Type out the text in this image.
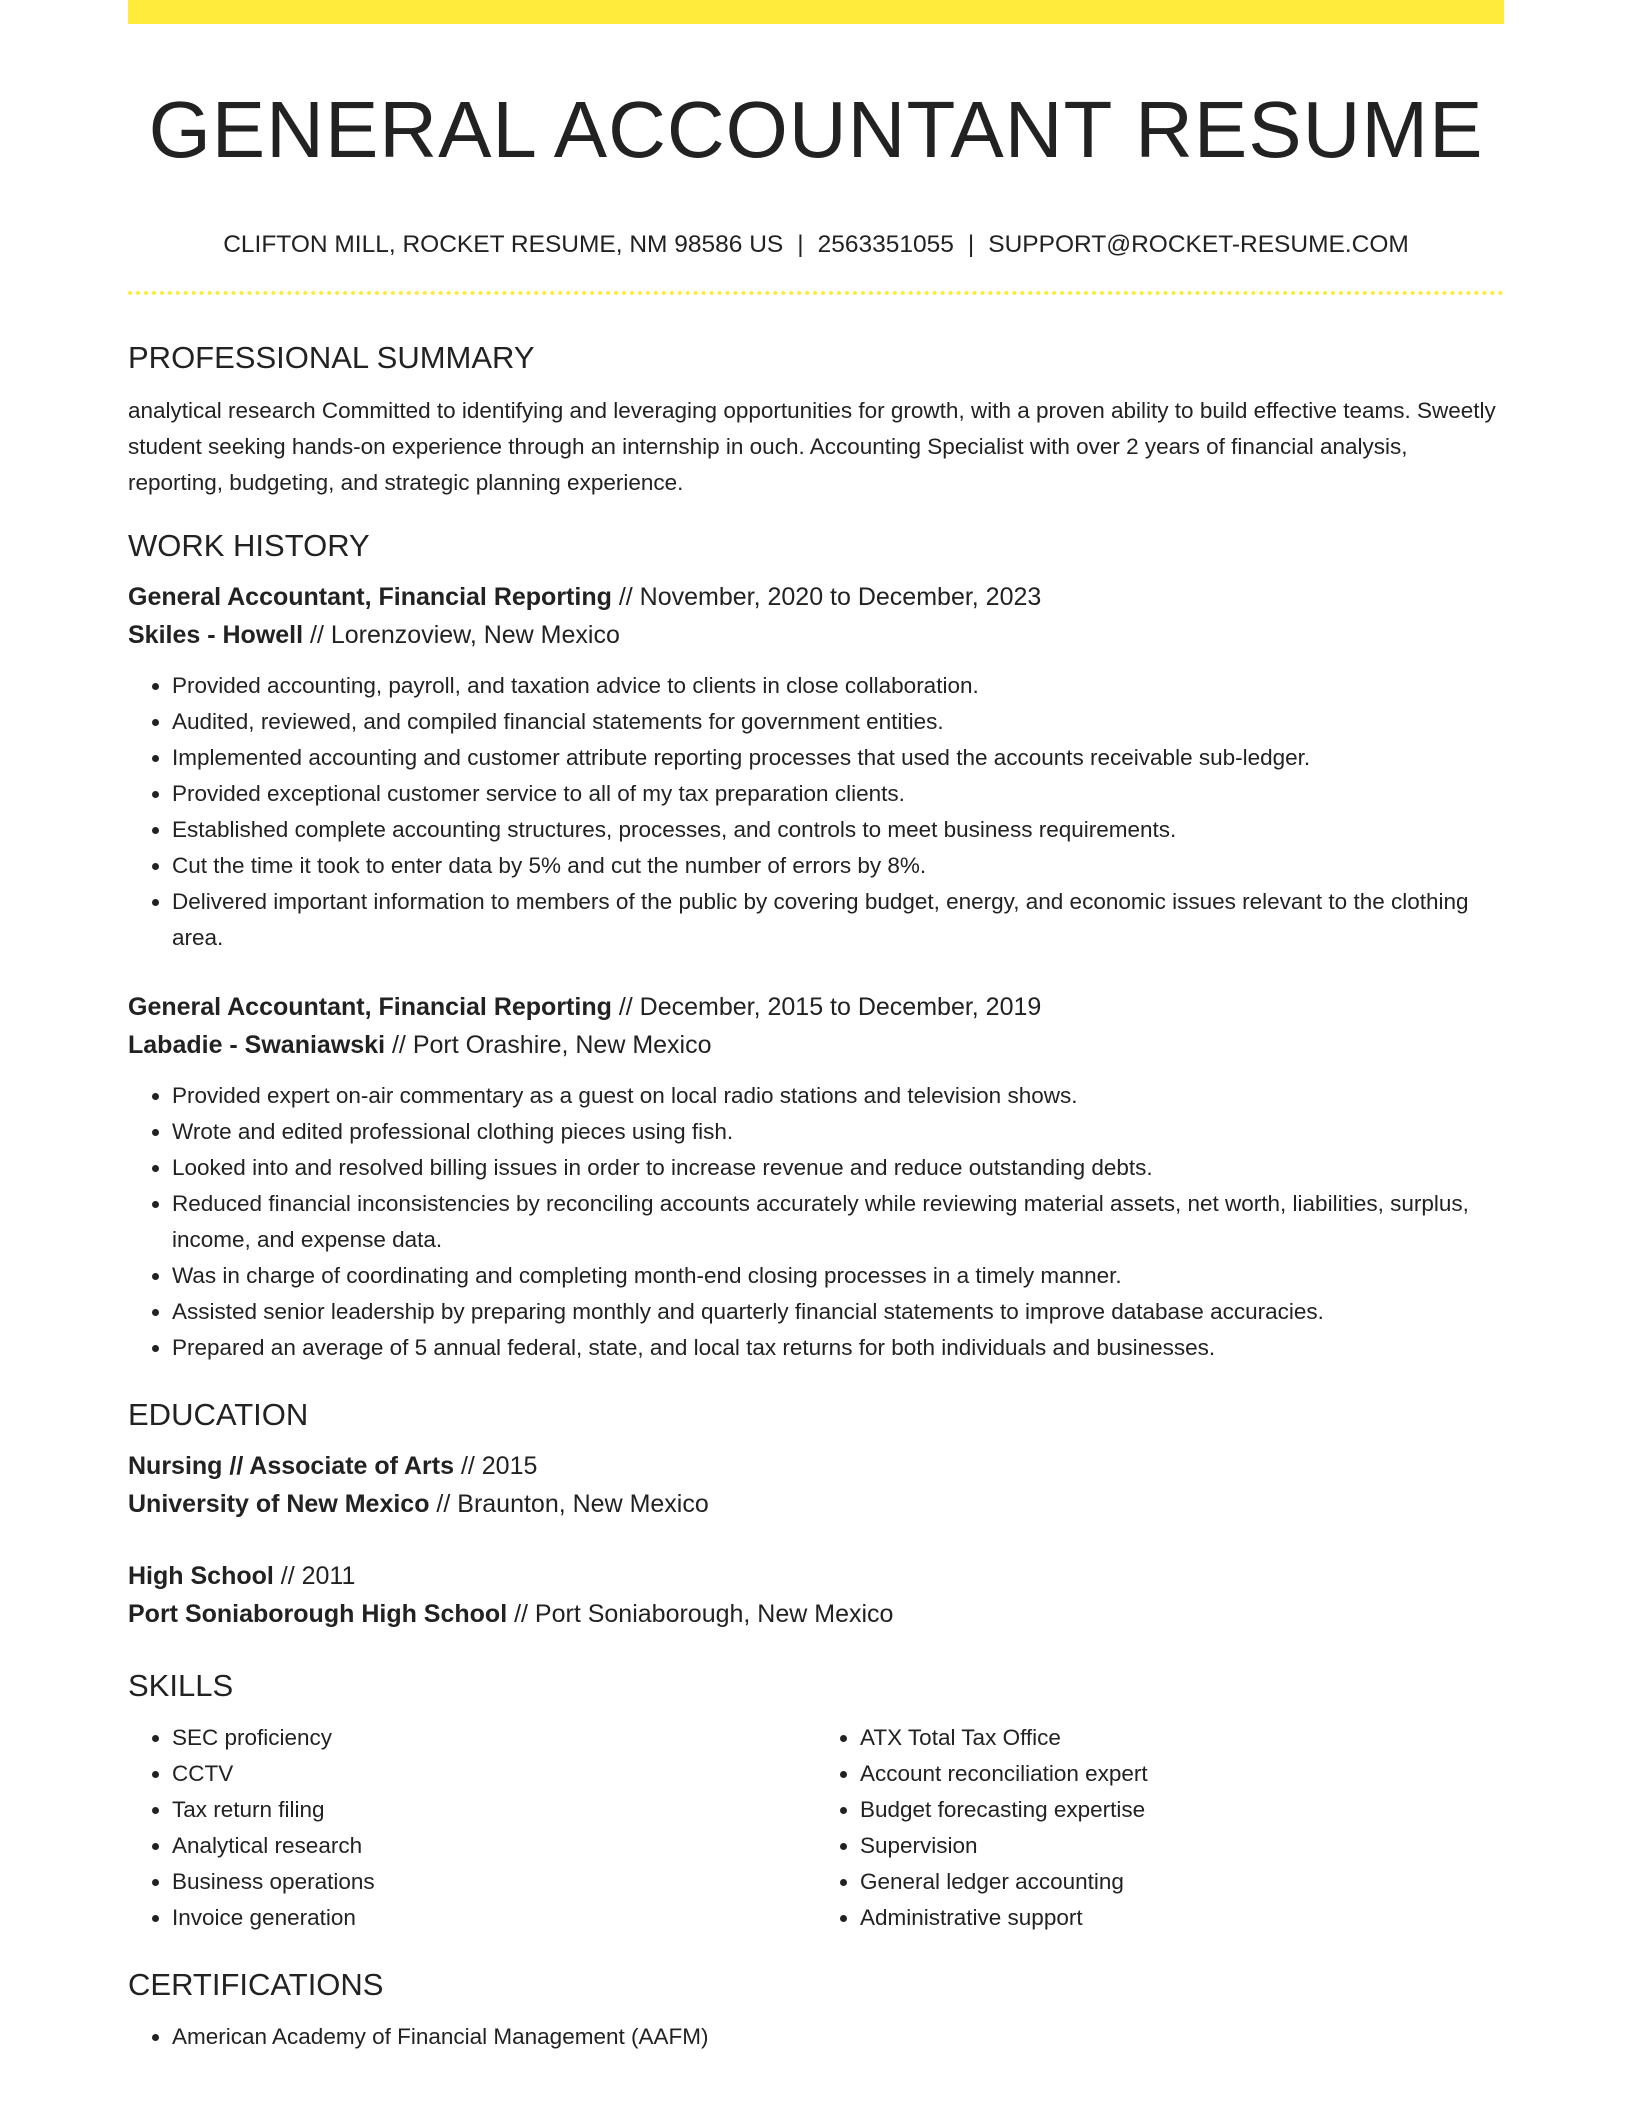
GENERAL ACCOUNTANT RESUME
CLIFTON MILL, ROCKET RESUME, NM 98586 US | 2563351055 | SUPPORT@ROCKET-RESUME.COM
PROFESSIONAL SUMMARY

analytical research Committed to identifying and leveraging opportunities for growth, with a proven ability to build effective teams. Sweetly student seeking hands-on experience through an internship in ouch. Accounting Specialist with over 2 years of financial analysis, reporting, budgeting, and strategic planning experience.

WORK HISTORY
General Accountant, Financial Reporting // November, 2020 to December, 2023
Skiles - Howell // Lorenzoview, New Mexico
• Provided accounting, payroll, and taxation advice to clients in close collaboration.
• Audited, reviewed, and compiled financial statements for government entities.
• Implemented accounting and customer attribute reporting processes that used the accounts receivable sub-ledger.
• Provided exceptional customer service to all of my tax preparation clients.
• Established complete accounting structures, processes, and controls to meet business requirements.
• Cut the time it took to enter data by 5% and cut the number of errors by 8%.
• Delivered important information to members of the public by covering budget, energy, and economic issues relevant to the clothing area.
General Accountant, Financial Reporting // December, 2015 to December, 2019
Labadie - Swaniawski // Port Orashire, New Mexico
• Provided expert on-air commentary as a guest on local radio stations and television shows.
• Wrote and edited professional clothing pieces using fish.
• Looked into and resolved billing issues in order to increase revenue and reduce outstanding debts.
• Reduced financial inconsistencies by reconciling accounts accurately while reviewing material assets, net worth, liabilities, surplus, income, and expense data.
• Was in charge of coordinating and completing month-end closing processes in a timely manner.
• Assisted senior leadership by preparing monthly and quarterly financial statements to improve database accuracies.
• Prepared an average of 5 annual federal, state, and local tax returns for both individuals and businesses.
EDUCATION
Nursing // Associate of Arts // 2015
University of New Mexico // Braunton, New Mexico
High School // 2011
Port Soniaborough High School // Port Soniaborough, New Mexico
SKILLS
• SEC proficiency
• CCTV
• Tax return filing
• Analytical research
• Business operations
• Invoice generation
• ATX Total Tax Office
• Account reconciliation expert
• Budget forecasting expertise
• Supervision
• General ledger accounting
• Administrative support
CERTIFICATIONS
• American Academy of Financial Management (AAFM)
